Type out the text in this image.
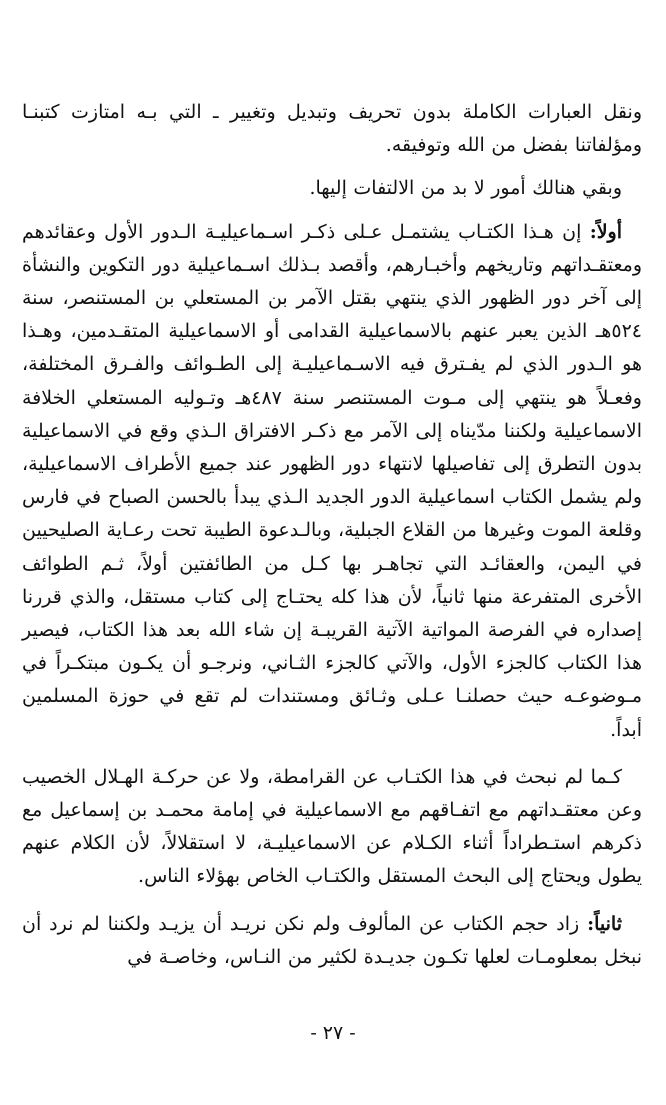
ونقل العبارات الكاملة بدون تحريف وتبديل وتغيير ـ التي بـه امتازت كتبنـا ومؤلفاتنا بفضل من الله وتوفيقه.

وبقي هنالك أمور لا بد من الالتفات إليها.

أولاً: إن هـذا الكتـاب يشتمـل عـلى ذكـر اسـماعيليـة الـدور الأول وعقائدهم ومعتقـداتهم وتاريخهم وأخبـارهم، وأقصد بـذلك اسـماعيلية دور التكوين والنشأة إلى آخر دور الظهور الذي ينتهي بقتل الآمر بن المستعلي بن المستنصر، سنة ٥٢٤هـ الذين يعبر عنهم بالاسماعيلية القدامى أو الاسماعيلية المتقـدمين، وهـذا هو الـدور الذي لم يفـترق فيه الاسـماعيليـة إلى الطـوائف والفـرق المختلفة، وفعـلاً هو ينتهي إلى مـوت المستنصر سنة ٤٨٧هـ وتـوليه المستعلي الخلافة الاسماعيلية ولكننا مدّيناه إلى الآمر مع ذكـر الافتراق الـذي وقع في الاسماعيلية بدون التطرق إلى تفاصيلها لانتهاء دور الظهور عند جميع الأطراف الاسماعيلية، ولم يشمل الكتاب اسماعيلية الدور الجديد الـذي يبدأ بالحسن الصباح في فارس وقلعة الموت وغيرها من القلاع الجبلية، وبالـدعوة الطيبة تحت رعـاية الصليحيين في اليمن، والعقائـد التي تجاهـر بها كـل من الطائفتين أولاً، ثـم الطوائف الأخرى المتفرعة منها ثانياً، لأن هذا كله يحتـاج إلى كتاب مستقل، والذي قررنا إصداره في الفرصة المواتية الآتية القريبـة إن شاء الله بعد هذا الكتاب، فيصير هذا الكتاب كالجزء الأول، والآتي كالجزء الثـاني، ونرجـو أن يكـون مبتكـراً في مـوضوعـه حيث حصلنـا عـلى وثـائق ومستندات لم تقع في حوزة المسلمين أبداً.

كـما لم نبحث في هذا الكتـاب عن القرامطة، ولا عن حركـة الهـلال الخصيب وعن معتقـداتهم مع اتفـاقهم مع الاسماعيلية في إمامة محمـد بن إسماعيل مع ذكرهم استـطراداً أثناء الكـلام عن الاسماعيليـة، لا استقلالاً، لأن الكلام عنهم يطول ويحتاج إلى البحث المستقل والكتـاب الخاص بهؤلاء الناس.

ثانياً: زاد حجم الكتاب عن المألوف ولم نكن نريـد أن يزيـد ولكننا لم نرد أن نبخل بمعلومـات لعلها تكـون جديـدة لكثير من النـاس، وخاصـة في

- ٢٧ -
